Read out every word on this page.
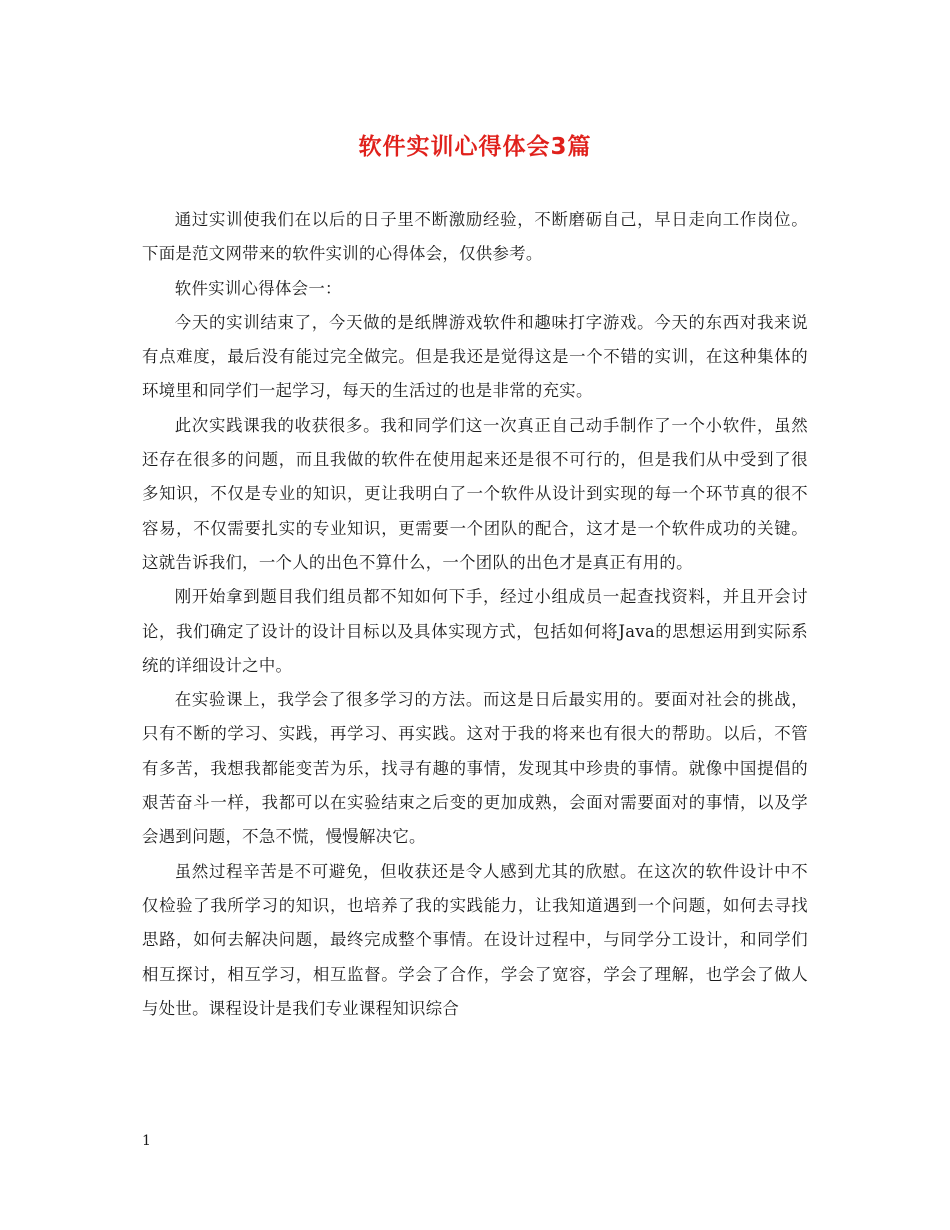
软件实训心得体会3篇

通过实训使我们在以后的日子里不断激励经验，不断磨砺自己，早日走向工作岗位。下面是范文网带来的软件实训的心得体会，仅供参考。

软件实训心得体会一：

今天的实训结束了，今天做的是纸牌游戏软件和趣味打字游戏。今天的东西对我来说有点难度，最后没有能过完全做完。但是我还是觉得这是一个不错的实训，在这种集体的环境里和同学们一起学习，每天的生活过的也是非常的充实。

此次实践课我的收获很多。我和同学们这一次真正自己动手制作了一个小软件，虽然还存在很多的问题，而且我做的软件在使用起来还是很不可行的，但是我们从中受到了很多知识，不仅是专业的知识，更让我明白了一个软件从设计到实现的每一个环节真的很不容易，不仅需要扎实的专业知识，更需要一个团队的配合，这才是一个软件成功的关键。这就告诉我们，一个人的出色不算什么，一个团队的出色才是真正有用的。

刚开始拿到题目我们组员都不知如何下手，经过小组成员一起查找资料，并且开会讨论，我们确定了设计的设计目标以及具体实现方式，包括如何将Java的思想运用到实际系统的详细设计之中。

在实验课上，我学会了很多学习的方法。而这是日后最实用的。要面对社会的挑战，只有不断的学习、实践，再学习、再实践。这对于我的将来也有很大的帮助。以后，不管有多苦，我想我都能变苦为乐，找寻有趣的事情，发现其中珍贵的事情。就像中国提倡的艰苦奋斗一样，我都可以在实验结束之后变的更加成熟，会面对需要面对的事情，以及学会遇到问题，不急不慌，慢慢解决它。

虽然过程辛苦是不可避免，但收获还是令人感到尤其的欣慰。在这次的软件设计中不仅检验了我所学习的知识，也培养了我的实践能力，让我知道遇到一个问题，如何去寻找思路，如何去解决问题，最终完成整个事情。在设计过程中，与同学分工设计，和同学们相互探讨，相互学习，相互监督。学会了合作，学会了宽容，学会了理解，也学会了做人与处世。课程设计是我们专业课程知识综合

1
